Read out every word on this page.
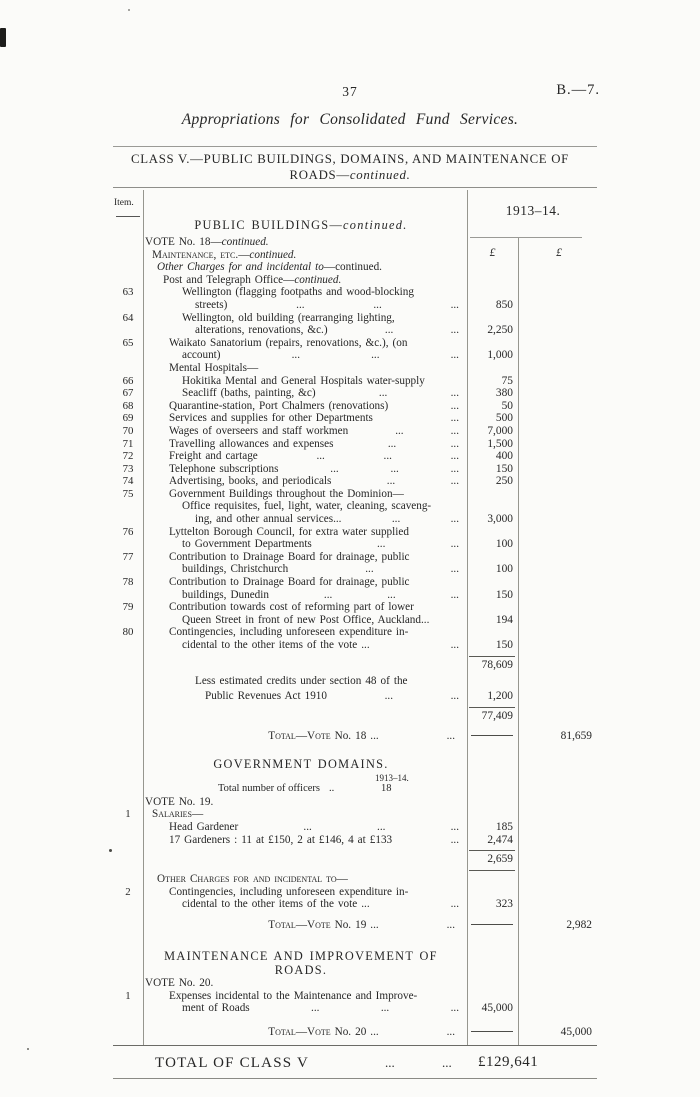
37	B.—7.
Appropriations for Consolidated Fund Services.
CLASS V.—PUBLIC BUILDINGS, DOMAINS, AND MAINTENANCE OF
ROADS—continued.
Item.	1913–14.
£	£
PUBLIC BUILDINGS—continued.
VOTE No. 18—continued.
Maintenance, etc.—continued.
Other Charges for and incidental to—continued.
Post and Telegraph Office—continued.
63	Wellington (flagging footpaths and wood-blocking
streets)	...	...	...	850
64	Wellington, old building (rearranging lighting,
alterations, renovations, &c.)	...	...	2,250
65	Waikato Sanatorium (repairs, renovations, &c.), (on
account)	...	...	...	1,000
Mental Hospitals—
66	Hokitika Mental and General Hospitals water-supply	75
67	Seacliff (baths, painting, &c)	...	...	380
68	Quarantine-station, Port Chalmers (renovations)	...	50
69	Services and supplies for other Departments	...	500
70	Wages of overseers and staff workmen	...	...	7,000
71	Travelling allowances and expenses	...	...	1,500
72	Freight and cartage	...	...	...	400
73	Telephone subscriptions	...	...	...	150
74	Advertising, books, and periodicals	...	...	250
75	Government Buildings throughout the Dominion—
Office requisites, fuel, light, water, cleaning, scaveng-
ing, and other annual services...	...	...	3,000
76	Lyttelton Borough Council, for extra water supplied
to Government Departments	...	...	100
77	Contribution to Drainage Board for drainage, public
buildings, Christchurch	...	...	100
78	Contribution to Drainage Board for drainage, public
buildings, Dunedin	...	...	...	150
79	Contribution towards cost of reforming part of lower
Queen Street in front of new Post Office, Auckland...	194
80	Contingencies, including unforeseen expenditure in-
cidental to the other items of the vote ...	...	150
78,609
Less estimated credits under section 48 of the
Public Revenues Act 1910	...	...	1,200
77,409
Total—Vote No. 18 ...	...	81,659
GOVERNMENT DOMAINS.
1913–14.
Total number of officers ..	18
VOTE No. 19.
1	Salaries—
Head Gardener	...	...	...	185
17 Gardeners : 11 at £150, 2 at £146, 4 at £133	...	2,474
2,659
Other Charges for and incidental to—
2	Contingencies, including unforeseen expenditure in-
cidental to the other items of the vote ...	...	323
Total—Vote No. 19 ...	...	2,982
MAINTENANCE AND IMPROVEMENT OF
ROADS.
VOTE No. 20.
1	Expenses incidental to the Maintenance and Improve-
ment of Roads	...	...	...	45,000
Total—Vote No. 20 ...	...	45,000
TOTAL OF CLASS V	...	... £129,641
